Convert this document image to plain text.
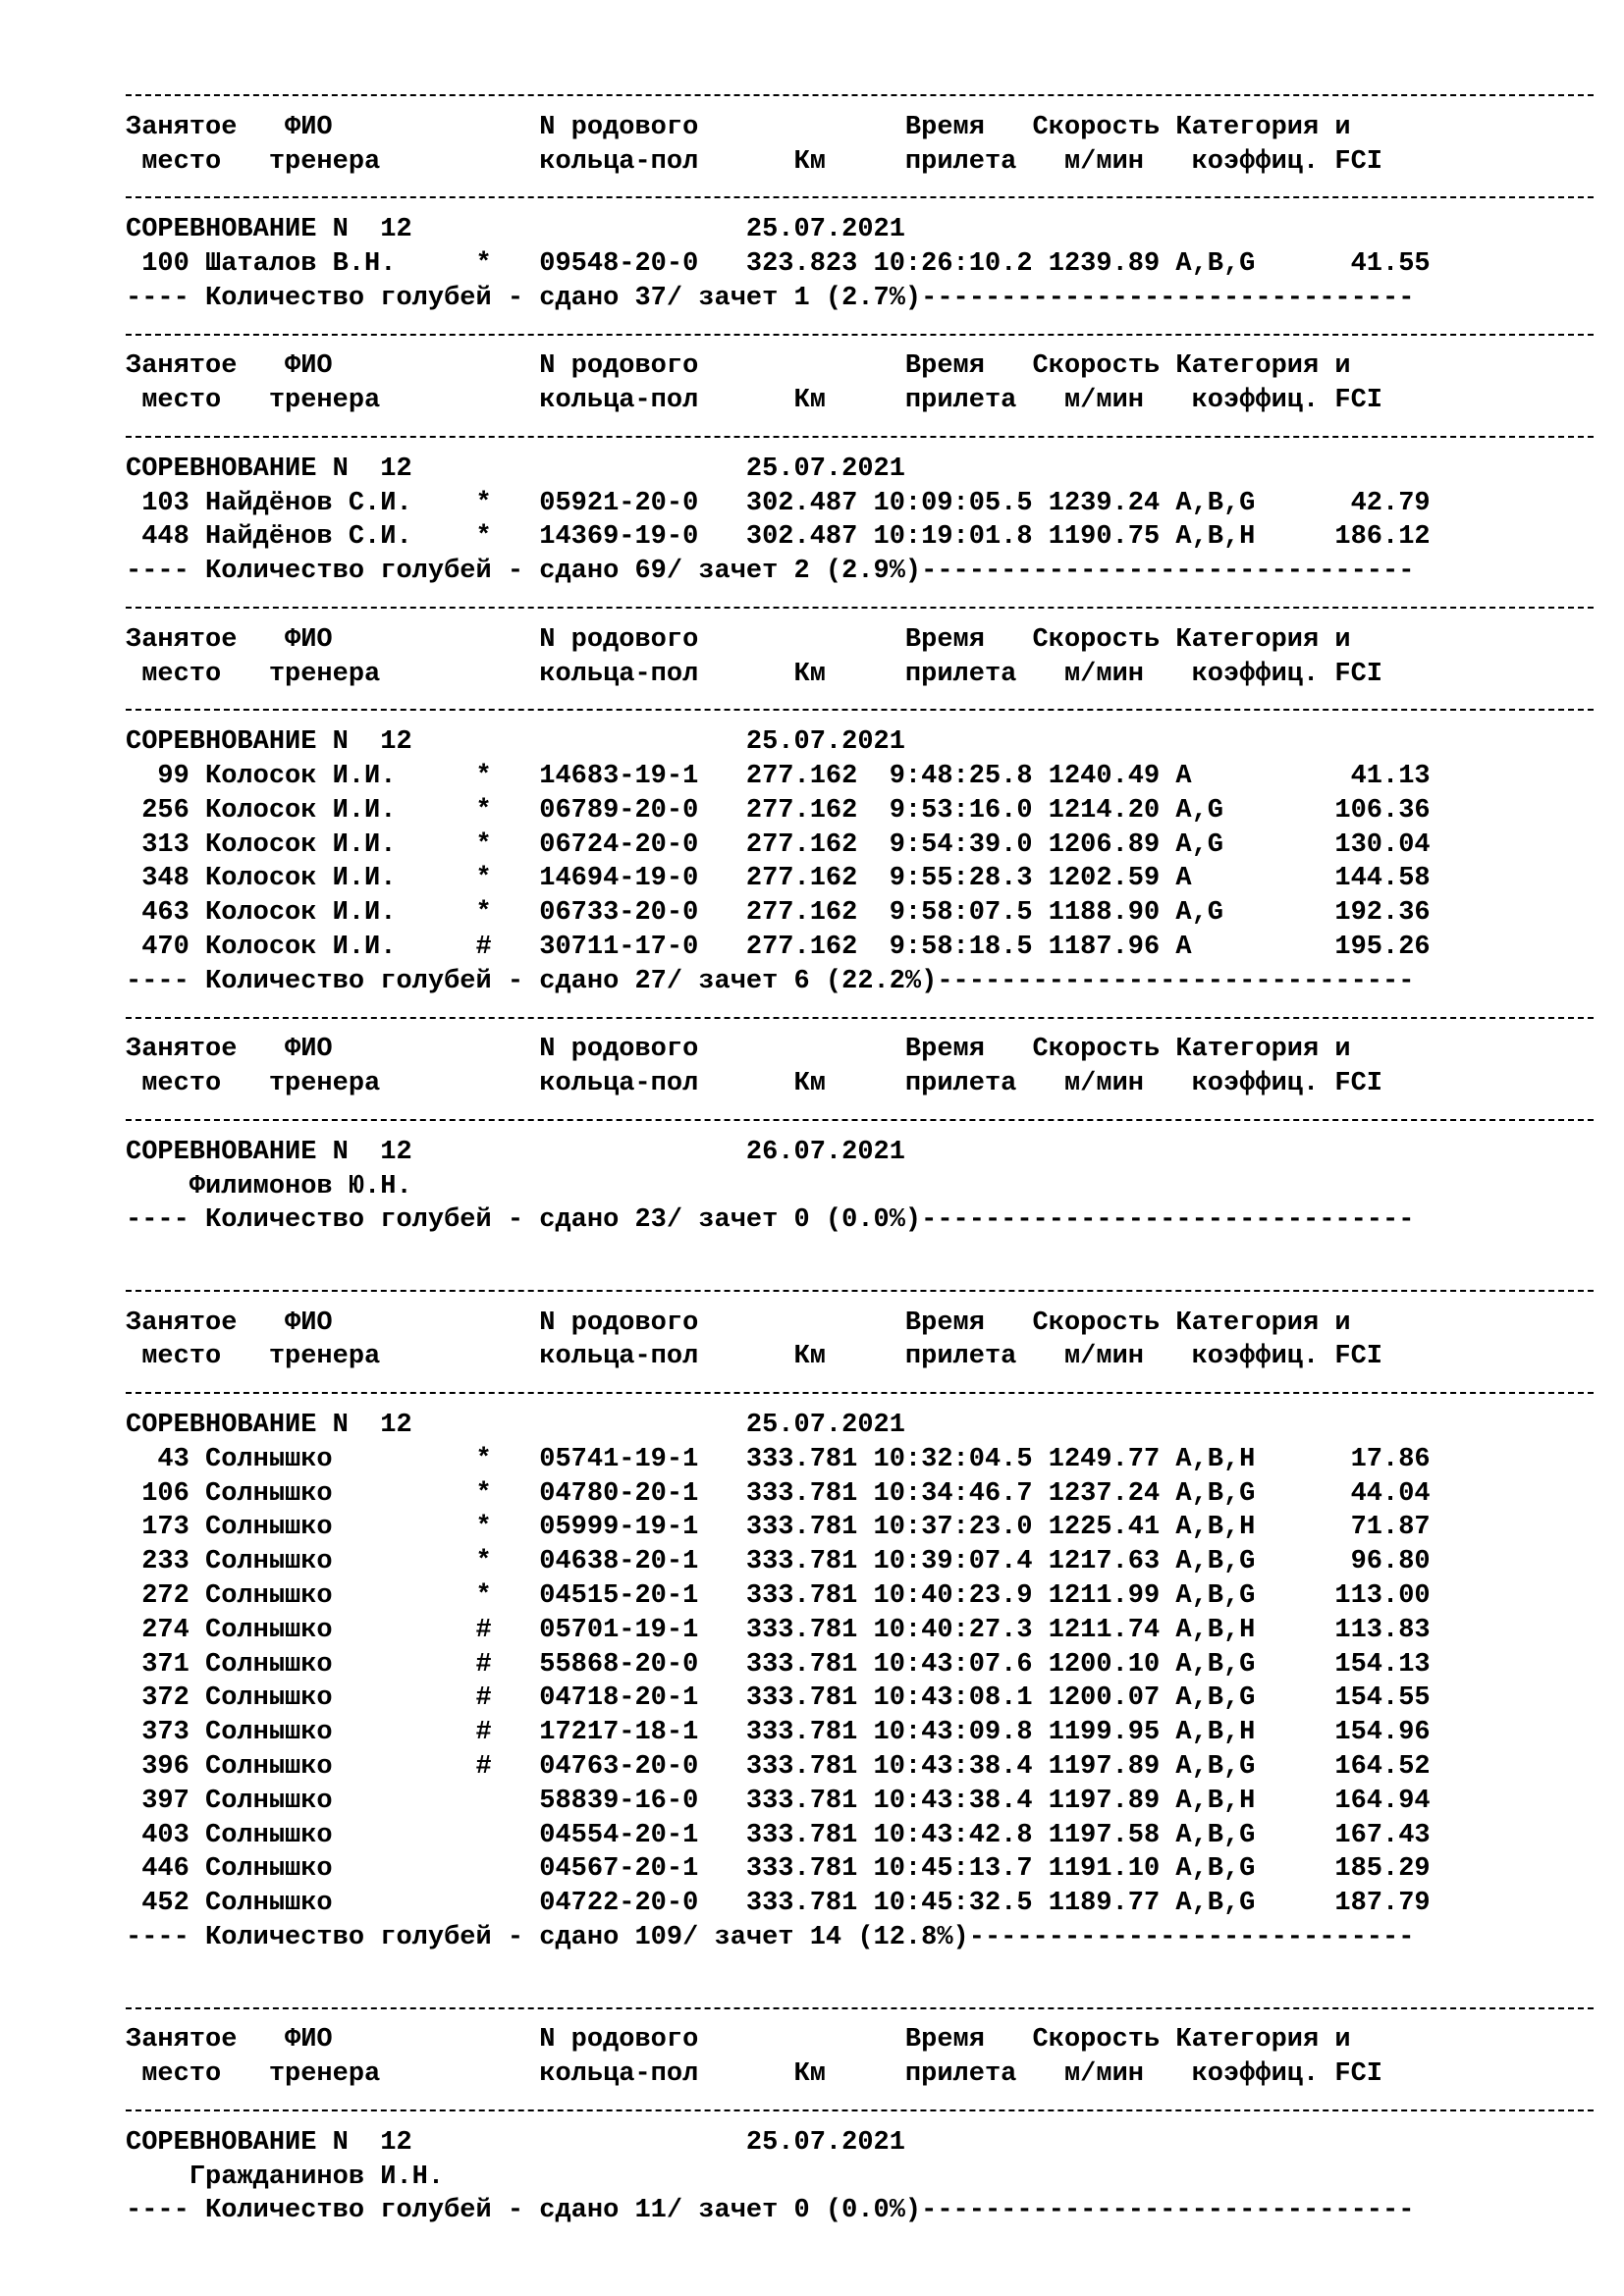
Занятое   ФИО             N родового             Время   Скорость Категория и
место   тренера          кольца-пол      Км     прилета   м/мин   коэффиц. FCI
СОРЕВНОВАНИЕ N  12                     25.07.2021
100 Шаталов В.Н.     *   09548-20-0   323.823 10:26:10.2 1239.89 A,B,G      41.55
---- Количество голубей - сдано 37/ зачет 1 (2.7%)-------------------------------
Занятое   ФИО             N родового             Время   Скорость Категория и
место   тренера          кольца-пол      Км     прилета   м/мин   коэффиц. FCI
СОРЕВНОВАНИЕ N  12                     25.07.2021
103 Найдёнов С.И.    *   05921-20-0   302.487 10:09:05.5 1239.24 A,B,G      42.79
448 Найдёнов С.И.    *   14369-19-0   302.487 10:19:01.8 1190.75 A,B,H     186.12
---- Количество голубей - сдано 69/ зачет 2 (2.9%)-------------------------------
Занятое   ФИО             N родового             Время   Скорость Категория и
место   тренера          кольца-пол      Км     прилета   м/мин   коэффиц. FCI
СОРЕВНОВАНИЕ N  12                     25.07.2021
99 Колосок И.И.     *   14683-19-1   277.162  9:48:25.8 1240.49 A          41.13
256 Колосок И.И.     *   06789-20-0   277.162  9:53:16.0 1214.20 A,G       106.36
313 Колосок И.И.     *   06724-20-0   277.162  9:54:39.0 1206.89 A,G       130.04
348 Колосок И.И.     *   14694-19-0   277.162  9:55:28.3 1202.59 A         144.58
463 Колосок И.И.     *   06733-20-0   277.162  9:58:07.5 1188.90 A,G       192.36
470 Колосок И.И.     #   30711-17-0   277.162  9:58:18.5 1187.96 A         195.26
---- Количество голубей - сдано 27/ зачет 6 (22.2%)------------------------------
Занятое   ФИО             N родового             Время   Скорость Категория и
место   тренера          кольца-пол      Км     прилета   м/мин   коэффиц. FCI
СОРЕВНОВАНИЕ N  12                     26.07.2021
Филимонов Ю.Н.
---- Количество голубей - сдано 23/ зачет 0 (0.0%)-------------------------------
Занятое   ФИО             N родового             Время   Скорость Категория и
место   тренера          кольца-пол      Км     прилета   м/мин   коэффиц. FCI
СОРЕВНОВАНИЕ N  12                     25.07.2021
43 Солнышко         *   05741-19-1   333.781 10:32:04.5 1249.77 A,B,H      17.86
106 Солнышко         *   04780-20-1   333.781 10:34:46.7 1237.24 A,B,G      44.04
173 Солнышко         *   05999-19-1   333.781 10:37:23.0 1225.41 A,B,H      71.87
233 Солнышко         *   04638-20-1   333.781 10:39:07.4 1217.63 A,B,G      96.80
272 Солнышко         *   04515-20-1   333.781 10:40:23.9 1211.99 A,B,G     113.00
274 Солнышко         #   05701-19-1   333.781 10:40:27.3 1211.74 A,B,H     113.83
371 Солнышко         #   55868-20-0   333.781 10:43:07.6 1200.10 A,B,G     154.13
372 Солнышко         #   04718-20-1   333.781 10:43:08.1 1200.07 A,B,G     154.55
373 Солнышко         #   17217-18-1   333.781 10:43:09.8 1199.95 A,B,H     154.96
396 Солнышко         #   04763-20-0   333.781 10:43:38.4 1197.89 A,B,G     164.52
397 Солнышко             58839-16-0   333.781 10:43:38.4 1197.89 A,B,H     164.94
403 Солнышко             04554-20-1   333.781 10:43:42.8 1197.58 A,B,G     167.43
446 Солнышко             04567-20-1   333.781 10:45:13.7 1191.10 A,B,G     185.29
452 Солнышко             04722-20-0   333.781 10:45:32.5 1189.77 A,B,G     187.79
---- Количество голубей - сдано 109/ зачет 14 (12.8%)----------------------------
Занятое   ФИО             N родового             Время   Скорость Категория и
место   тренера          кольца-пол      Км     прилета   м/мин   коэффиц. FCI
СОРЕВНОВАНИЕ N  12                     25.07.2021
Гражданинов И.Н.
---- Количество голубей - сдано 11/ зачет 0 (0.0%)-------------------------------
